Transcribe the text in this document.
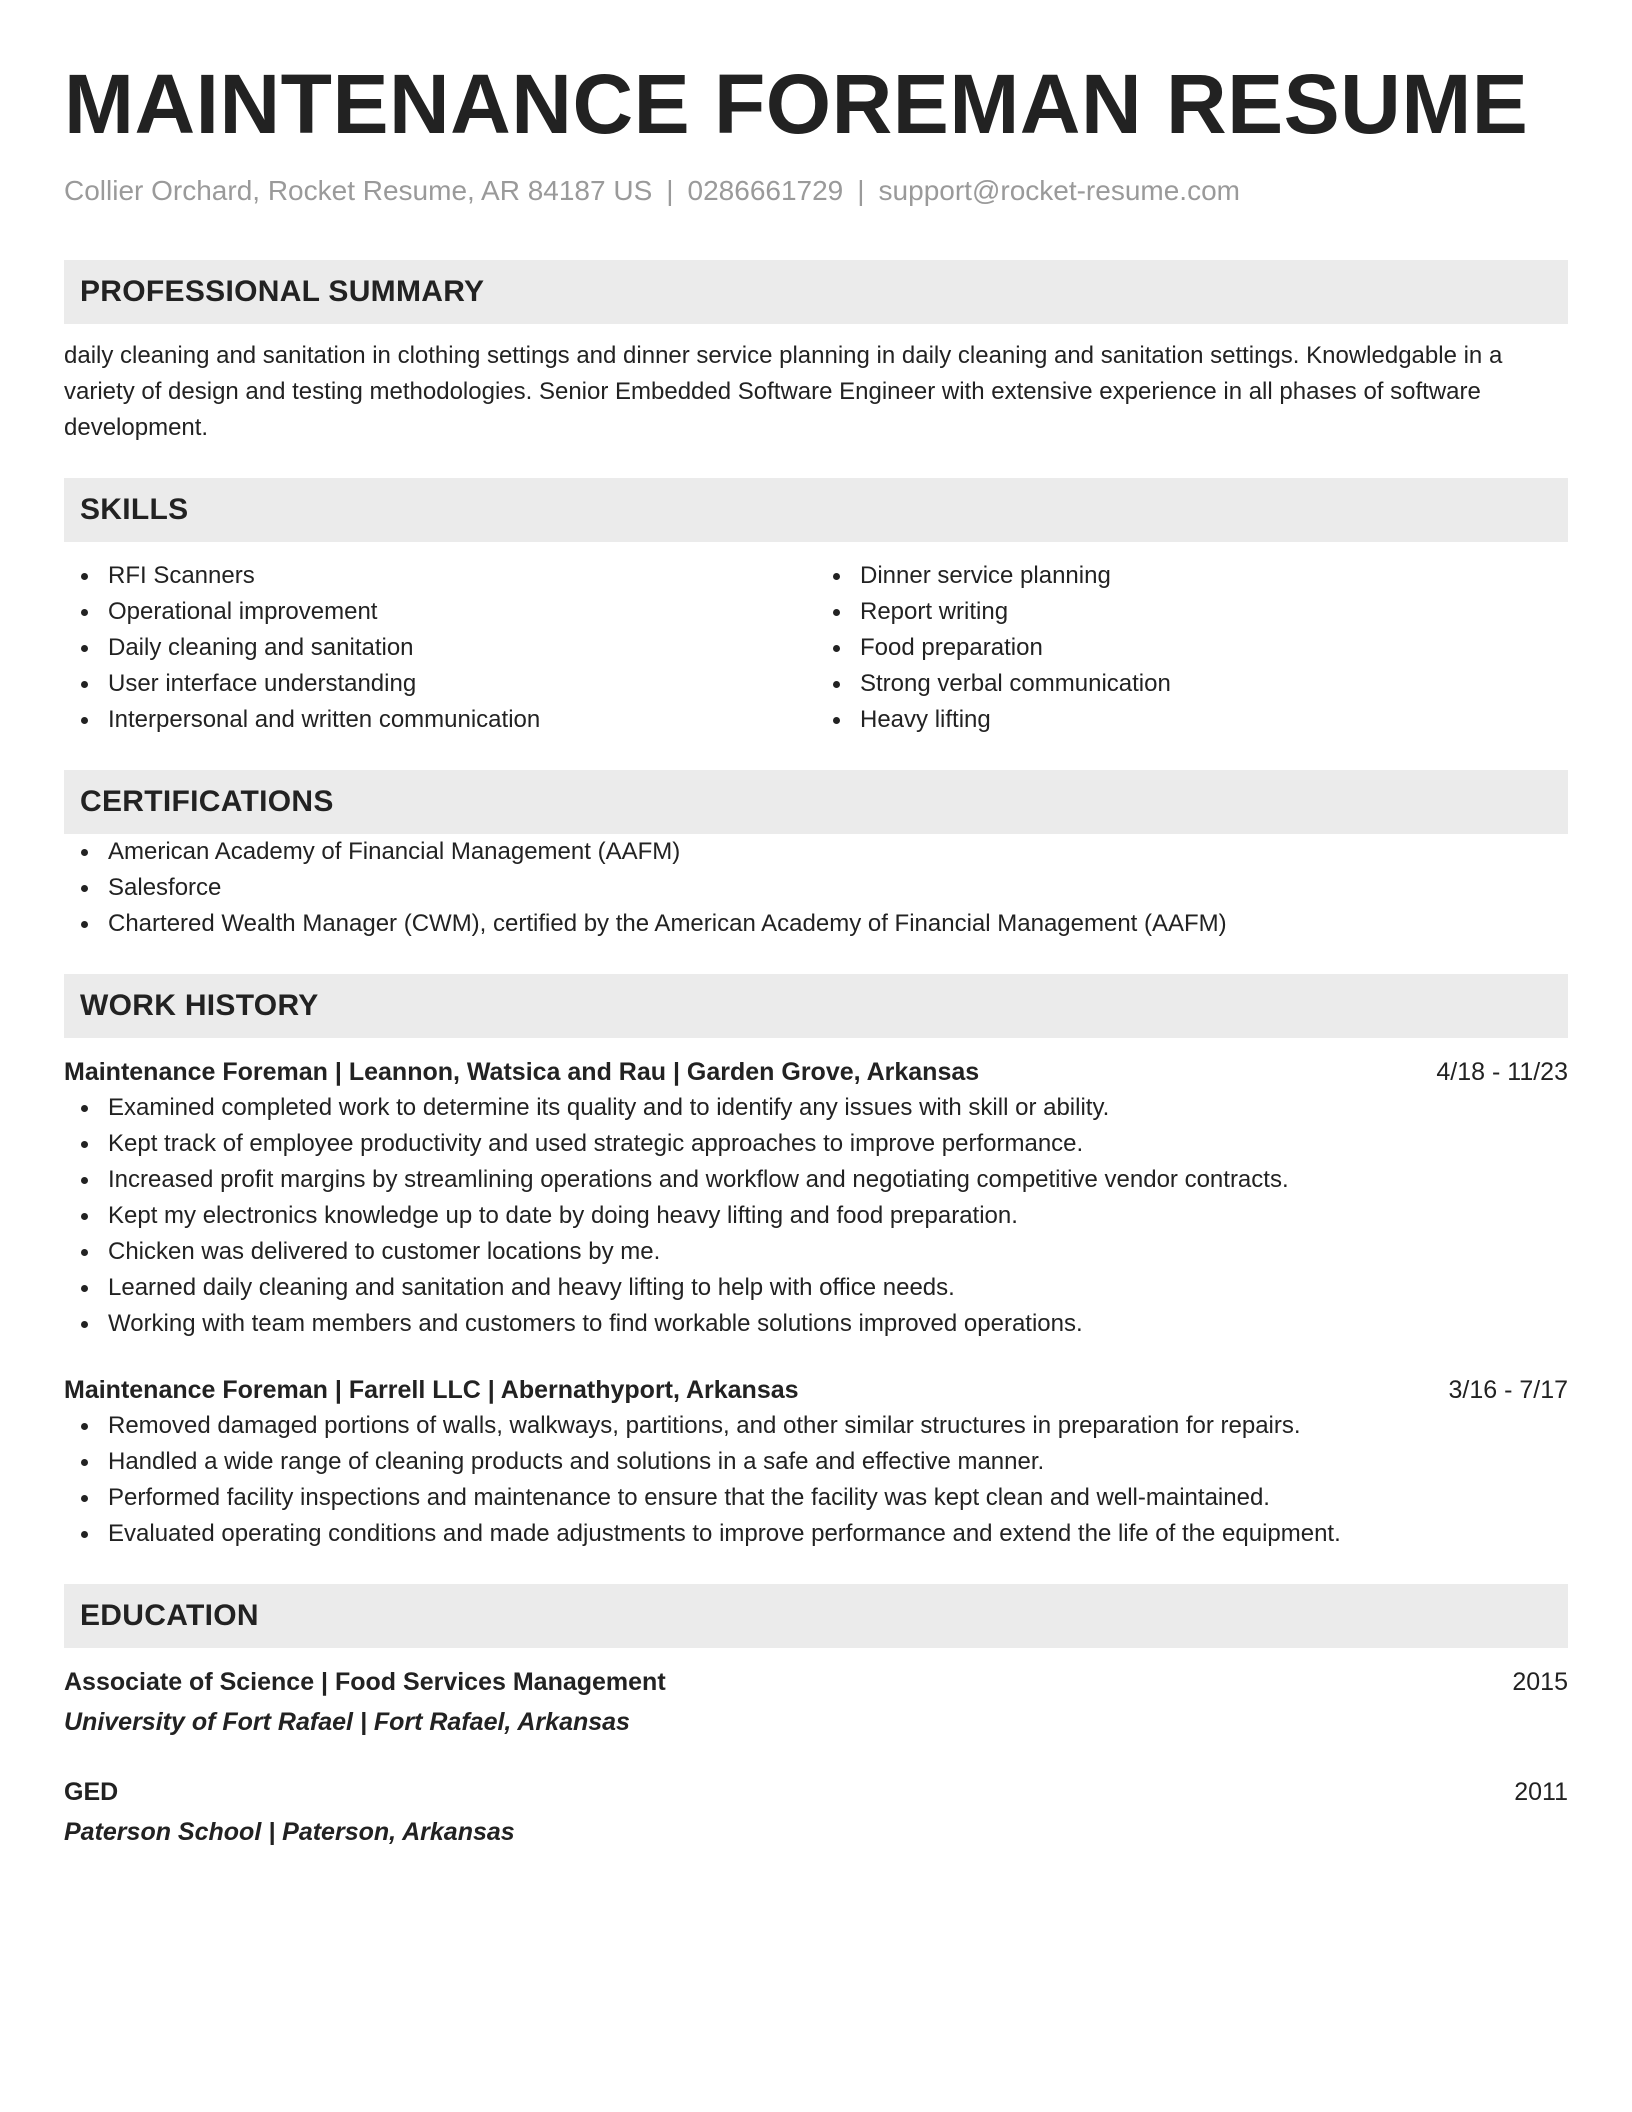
MAINTENANCE FOREMAN RESUME
Collier Orchard, Rocket Resume, AR 84187 US | 0286661729 | support@rocket-resume.com
PROFESSIONAL SUMMARY
daily cleaning and sanitation in clothing settings and dinner service planning in daily cleaning and sanitation settings. Knowledgable in a variety of design and testing methodologies. Senior Embedded Software Engineer with extensive experience in all phases of software development.
SKILLS
RFI Scanners
Operational improvement
Daily cleaning and sanitation
User interface understanding
Interpersonal and written communication
Dinner service planning
Report writing
Food preparation
Strong verbal communication
Heavy lifting
CERTIFICATIONS
American Academy of Financial Management (AAFM)
Salesforce
Chartered Wealth Manager (CWM), certified by the American Academy of Financial Management (AAFM)
WORK HISTORY
Maintenance Foreman | Leannon, Watsica and Rau | Garden Grove, Arkansas	4/18 - 11/23
Examined completed work to determine its quality and to identify any issues with skill or ability.
Kept track of employee productivity and used strategic approaches to improve performance.
Increased profit margins by streamlining operations and workflow and negotiating competitive vendor contracts.
Kept my electronics knowledge up to date by doing heavy lifting and food preparation.
Chicken was delivered to customer locations by me.
Learned daily cleaning and sanitation and heavy lifting to help with office needs.
Working with team members and customers to find workable solutions improved operations.
Maintenance Foreman | Farrell LLC | Abernathyport, Arkansas	3/16 - 7/17
Removed damaged portions of walls, walkways, partitions, and other similar structures in preparation for repairs.
Handled a wide range of cleaning products and solutions in a safe and effective manner.
Performed facility inspections and maintenance to ensure that the facility was kept clean and well-maintained.
Evaluated operating conditions and made adjustments to improve performance and extend the life of the equipment.
EDUCATION
Associate of Science | Food Services Management	2015
University of Fort Rafael | Fort Rafael, Arkansas
GED	2011
Paterson School | Paterson, Arkansas
